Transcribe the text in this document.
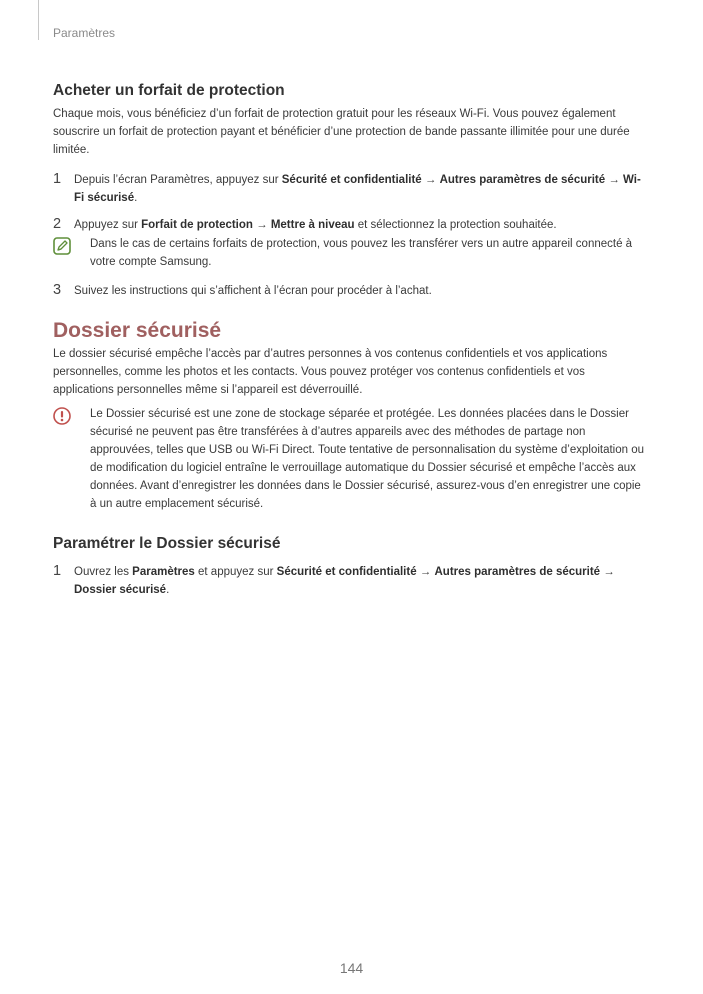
Paramètres
Acheter un forfait de protection

Chaque mois, vous bénéficiez d’un forfait de protection gratuit pour les réseaux Wi-Fi. Vous pouvez également souscrire un forfait de protection payant et bénéficier d’une protection de bande passante illimitée pour une durée limitée.

1 Depuis l’écran Paramètres, appuyez sur Sécurité et confidentialité → Autres paramètres de sécurité → Wi-Fi sécurisé.
2 Appuyez sur Forfait de protection → Mettre à niveau et sélectionnez la protection souhaitée.

Dans le cas de certains forfaits de protection, vous pouvez les transférer vers un autre appareil connecté à votre compte Samsung.

3 Suivez les instructions qui s’affichent à l’écran pour procéder à l’achat.
Dossier sécurisé

Le dossier sécurisé empêche l’accès par d’autres personnes à vos contenus confidentiels et vos applications personnelles, comme les photos et les contacts. Vous pouvez protéger vos contenus confidentiels et vos applications personnelles même si l’appareil est déverrouillé.

Le Dossier sécurisé est une zone de stockage séparée et protégée. Les données placées dans le Dossier sécurisé ne peuvent pas être transférées à d’autres appareils avec des méthodes de partage non approuvées, telles que USB ou Wi-Fi Direct. Toute tentative de personnalisation du système d’exploitation ou de modification du logiciel entraîne le verrouillage automatique du Dossier sécurisé et empêche l’accès aux données. Avant d’enregistrer les données dans le Dossier sécurisé, assurez-vous d’en enregistrer une copie à un autre emplacement sécurisé.

Paramétrer le Dossier sécurisé
1 Ouvrez les Paramètres et appuyez sur Sécurité et confidentialité → Autres paramètres de sécurité → Dossier sécurisé.
144
